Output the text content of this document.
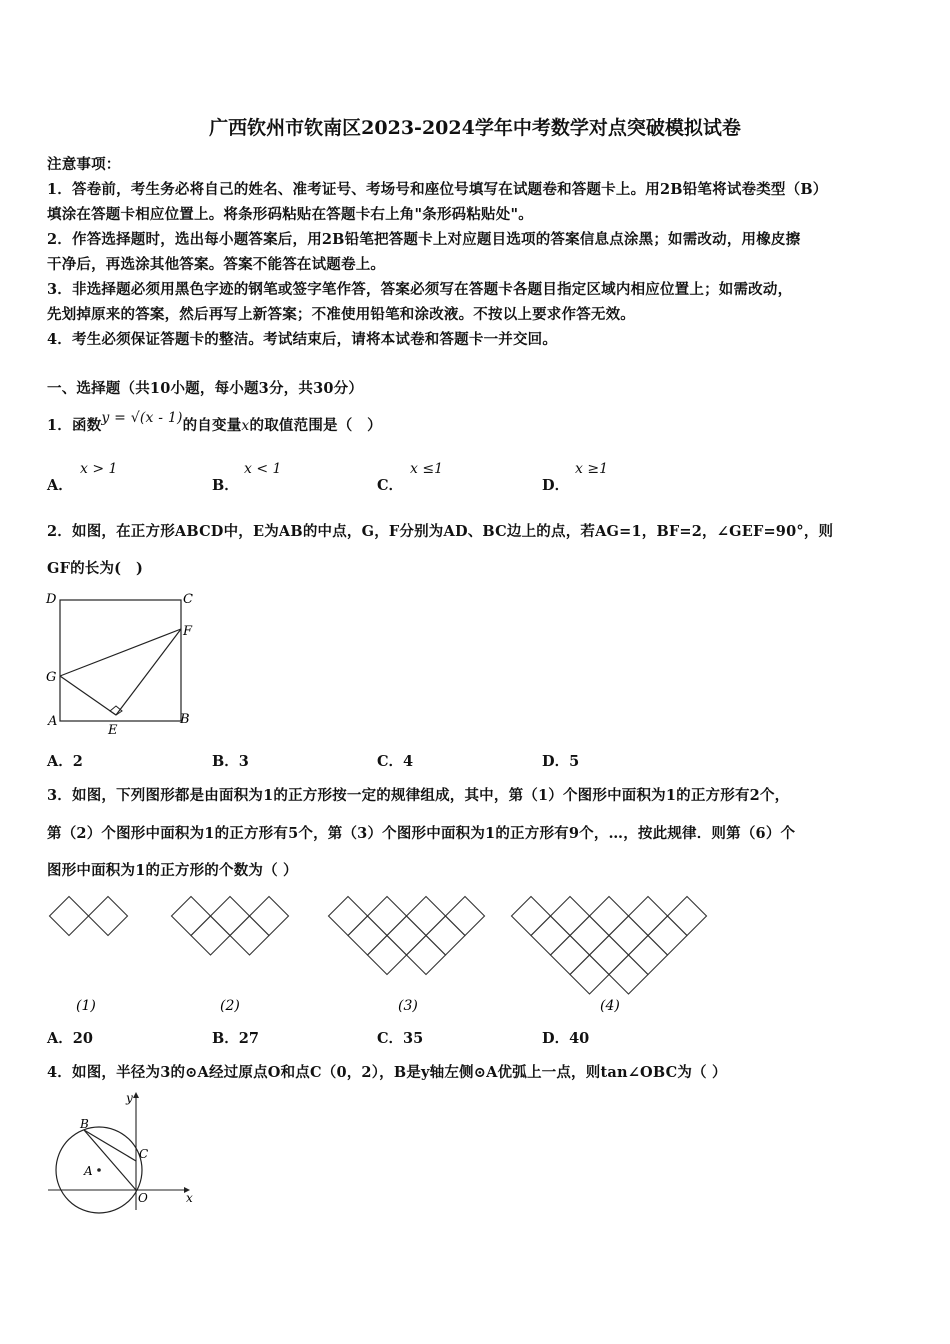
广西钦州市钦南区2023-2024学年中考数学对点突破模拟试卷
注意事项：
1．答卷前，考生务必将自己的姓名、准考证号、考场号和座位号填写在试题卷和答题卡上。用2B铅笔将试卷类型（B）
填涂在答题卡相应位置上。将条形码粘贴在答题卡右上角"条形码粘贴处"。
2．作答选择题时，选出每小题答案后，用2B铅笔把答题卡上对应题目选项的答案信息点涂黑；如需改动，用橡皮擦
干净后，再选涂其他答案。答案不能答在试题卷上。
3．非选择题必须用黑色字迹的钢笔或签字笔作答，答案必须写在答题卡各题目指定区域内相应位置上；如需改动，
先划掉原来的答案，然后再写上新答案；不准使用铅笔和涂改液。不按以上要求作答无效。
4．考生必须保证答题卡的整洁。考试结束后，请将本试卷和答题卡一并交回。
一、选择题（共10小题，每小题3分，共30分）
1．函数y = √(x - 1)的自变量x的取值范围是（　）
A．
x > 1
B．
x < 1
C．
x ≤1
D．
x ≥1
2．如图，在正方形ABCD中，E为AB的中点，G，F分别为AD、BC边上的点，若AG=1，BF=2，∠GEF=90°，则
GF的长为(　)
D	C
F
G
A
E
B
A．2	B．3	C．4	D．5
3．如图，下列图形都是由面积为1的正方形按一定的规律组成，其中，第（1）个图形中面积为1的正方形有2个，
第（2）个图形中面积为1的正方形有5个，第（3）个图形中面积为1的正方形有9个，…，按此规律．则第（6）个
图形中面积为1的正方形的个数为（ ）
(1)	(2)	(3)	(4)
A．20	B．27	C．35	D．40
4．如图，半径为3的⊙A经过原点O和点C（0，2），B是y轴左侧⊙A优弧上一点，则tan∠OBC为（ ）
B
C
A
O	x
y
